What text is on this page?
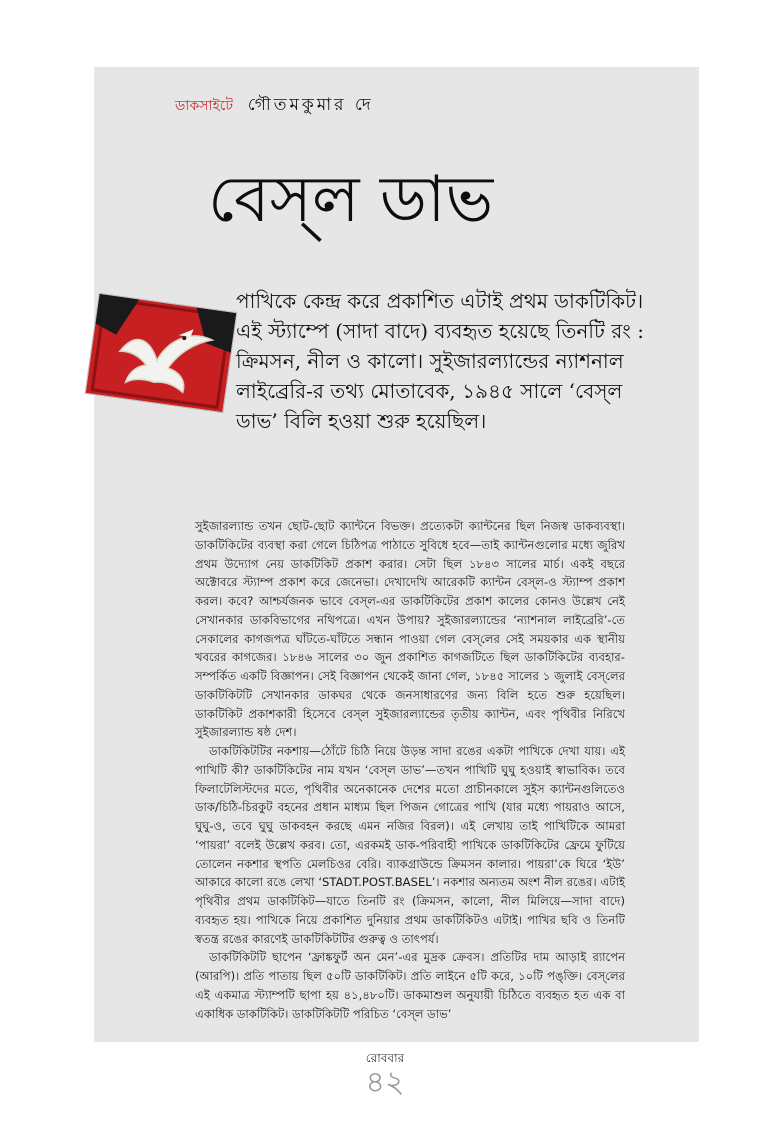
ডাকসাইটে গৌতমকুমার দে
বেস্‌ল ডাভ
পাখিকে কেন্দ্র করে প্রকাশিত এটাই প্রথম ডাকটিকিট। এই স্ট্যাম্পে (সাদা বাদে) ব্যবহৃত হয়েছে তিনটি রং : ক্রিমসন, নীল ও কালো। সুইজারল্যান্ডের ন্যাশনাল লাইব্রেরি-র তথ্য মোতাবেক, ১৯৪৫ সালে ‘বেস্‌ল ডাভ’ বিলি হওয়া শুরু হয়েছিল।

সুইজারল্যান্ড তখন ছোট-ছোট ক্যান্টনে বিভক্ত। প্রত্যেকটা ক্যান্টনের ছিল নিজস্ব ডাকব্যবস্থা। ডাকটিকিটের ব্যবস্থা করা গেলে চিঠিপত্র পাঠাতে সুবিধে হবে—তাই ক্যান্টনগুলোর মধ্যে জুরিখ প্রথম উদ্যোগ নেয় ডাকটিকিট প্রকাশ করার। সেটা ছিল ১৮৪৩ সালের মার্চ। একই বছরে অক্টোবরে স্ট্যাম্প প্রকাশ করে জেনেভা। দেখাদেখি আরেকটি ক্যান্টন বেস্‌ল-ও স্ট্যাম্প প্রকাশ করল। কবে? আশ্চর্যজনক ভাবে বেস্‌ল-এর ডাকটিকিটের প্রকাশ কালের কোনও উল্লেখ নেই সেখানকার ডাকবিভাগের নথিপত্রে। এখন উপায়? সুইজারল্যান্ডের ‘ন্যাশনাল লাইব্রেরি’-তে সেকালের কাগজপত্র ঘাঁটতে-ঘাঁটতে সন্ধান পাওয়া গেল বেস্‌লের সেই সময়কার এক স্থানীয় খবরের কাগজের। ১৮৪৬ সালের ৩০ জুন প্রকাশিত কাগজটিতে ছিল ডাকটিকিটের ব্যবহার-সম্পর্কিত একটি বিজ্ঞাপন। সেই বিজ্ঞাপন থেকেই জানা গেল, ১৮৪৫ সালের ১ জুলাই বেস্‌লের ডাকটিকিটটি সেখানকার ডাকঘর থেকে জনসাধারণের জন্য বিলি হতে শুরু হয়েছিল। ডাকটিকিট প্রকাশকারী হিসেবে বেস্‌ল সুইজারল্যান্ডের তৃতীয় ক্যান্টন, এবং পৃথিবীর নিরিখে সুইজারল্যান্ড ষষ্ঠ দেশ।

ডাকটিকিটটির নকশায়—ঠোঁটে চিঠি নিয়ে উড়ন্ত সাদা রঙের একটা পাখিকে দেখা যায়। এই পাখিটি কী? ডাকটিকিটের নাম যখন ‘বেস্‌ল ডাভ’—তখন পাখিটি ঘুঘু হওয়াই স্বাভাবিক। তবে ফিলাটেলিস্টদের মতে, পৃথিবীর অনেকানেক দেশের মতো প্রাচীনকালে সুইস ক্যান্টনগুলিতেও ডাক/চিঠি-চিরকুট বহনের প্রধান মাধ্যম ছিল পিজন গোত্রের পাখি (যার মধ্যে পায়রাও আসে, ঘুঘু-ও, তবে ঘুঘু ডাকবহন করছে এমন নজির বিরল)। এই লেখায় তাই পাখিটিকে আমরা ‘পায়রা’ বলেই উল্লেখ করব। তো, এরকমই ডাক-পরিবাহী পাখিকে ডাকটিকিটের ফ্রেমে ফুটিয়ে তোলেন নকশার স্থপতি মেলচিওর বেরি। ব্যাকগ্রাউন্ডে ক্রিমসন কালার। পায়রা’কে ঘিরে ‘ইউ’ আকারে কালো রঙে লেখা ‘STADT.POST.BASEL’। নকশার অন্যতম অংশ নীল রঙের। এটাই পৃথিবীর প্রথম ডাকটিকিট—যাতে তিনটি রং (ক্রিমসন, কালো, নীল মিলিয়ে—সাদা বাদে) ব্যবহৃত হয়। পাখিকে নিয়ে প্রকাশিত দুনিয়ার প্রথম ডাকটিকিটও এটাই। পাখির ছবি ও তিনটি স্বতন্ত্র রঙের কারণেই ডাকটিকিটটির গুরুত্ব ও তাৎপর্য।

ডাকটিকিটটি ছাপেন ‘ফ্রাঙ্কফুর্ট অন মেন’-এর মুদ্রক ক্রেবস। প্রতিটির দাম আড়াই র‍্যাপেন (আরপি)। প্রতি পাতায় ছিল ৫০টি ডাকটিকিট। প্রতি লাইনে ৫টি করে, ১০টি পঙ্‌ক্তি। বেস্‌লের এই একমাত্র স্ট্যাম্পটি ছাপা হয় ৪১,৪৮০টি। ডাকমাশুল অনুযায়ী চিঠিতে ব্যবহৃত হত এক বা একাধিক ডাকটিকিট। ডাকটিকিটটি পরিচিত ‘বেস্‌ল ডাভ’

রোববার
৪২
